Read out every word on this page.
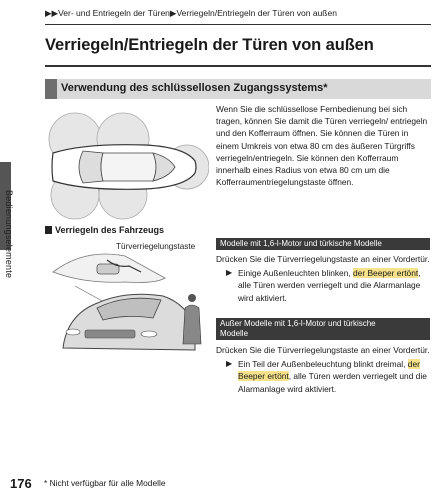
▶▶Ver- und Entriegeln der Türen▶Verriegeln/Entriegeln der Türen von außen
Verriegeln/Entriegeln der Türen von außen
Verwendung des schlüssellosen Zugangssystems*
Bedienungselemente
Wenn Sie die schlüssellose Fernbedienung bei sich tragen, können Sie damit die Türen verriegeln/ entriegeln und den Kofferraum öffnen. Sie können die Türen in einem Umkreis von etwa 80 cm des äußeren Türgriffs verriegeln/entriegeln. Sie können den Kofferraum innerhalb eines Radius von etwa 80 cm um die Kofferraumentriegelungstaste öffnen.
Verriegeln des Fahrzeugs
Türverriegelungstaste	Modelle mit 1,6-l-Motor und türkische Modelle
Drücken Sie die Türverriegelungstaste an einer Vordertür.
▶ Einige Außenleuchten blinken, der Beeper ertönt, alle Türen werden verriegelt und die Alarmanlage wird aktiviert.
Außer Modelle mit 1,6-l-Motor und türkische Modelle
Drücken Sie die Türverriegelungstaste an einer Vordertür.
▶ Ein Teil der Außenbeleuchtung blinkt dreimal, der Beeper ertönt, alle Türen werden verriegelt und die Alarmanlage wird aktiviert.
176 * Nicht verfügbar für alle Modelle
